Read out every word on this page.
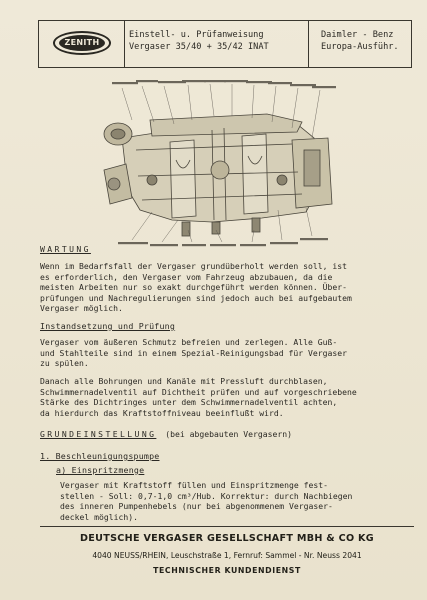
ZENITH
Einstell- u. Prüfanweisung
Vergaser 35/40 + 35/42 INAT
Daimler - Benz
Europa-Ausführ.
WARTUNG
Wenn im Bedarfsfall der Vergaser grundüberholt werden soll, ist
es erforderlich, den Vergaser vom Fahrzeug abzubauen, da die
meisten Arbeiten nur so exakt durchgeführt werden können. Über-
prüfungen und Nachregulierungen sind jedoch auch bei aufgebautem
Vergaser möglich.
Instandsetzung und Prüfung
Vergaser vom äußeren Schmutz befreien und zerlegen. Alle Guß-
und Stahlteile sind in einem Spezial-Reinigungsbad für Vergaser
zu spülen.
Danach alle Bohrungen und Kanäle mit Pressluft durchblasen,
Schwimmernadelventil auf Dichtheit prüfen und auf vorgeschriebene
Stärke des Dichtringes unter dem Schwimmernadelventil achten,
da hierdurch das Kraftstoffniveau beeinflußt wird.
GRUNDEINSTELLUNG (bei abgebauten Vergasern)
1. Beschleunigungspumpe
a) Einspritzmenge
Vergaser mit Kraftstoff füllen und Einspritzmenge fest-
stellen - Soll: 0,7-1,0 cm³/Hub. Korrektur: durch Nachbiegen
des inneren Pumpenhebels (nur bei abgenommenem Vergaser-
deckel möglich).
DEUTSCHE VERGASER GESELLSCHAFT MBH & CO KG
4040 NEUSS/RHEIN, Leuschstraße 1, Fernruf: Sammel - Nr. Neuss 2041
TECHNISCHER KUNDENDIENST
